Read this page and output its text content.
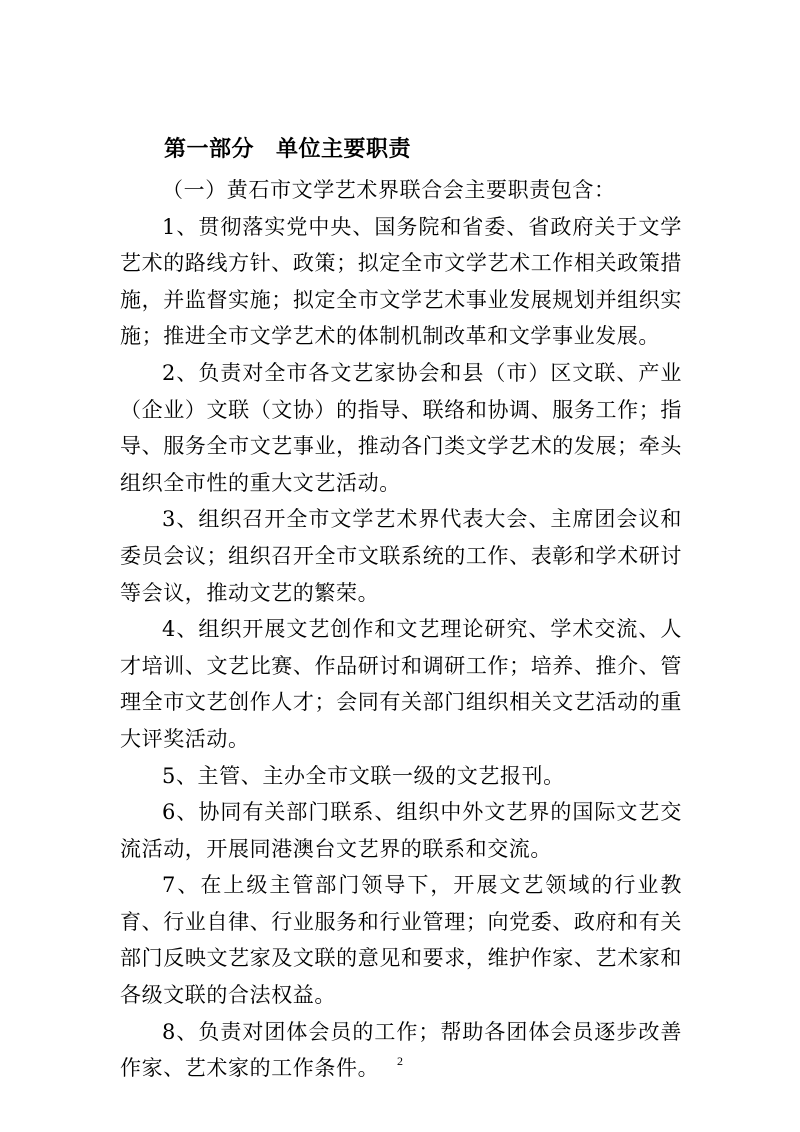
第一部分 单位主要职责

（一）黄石市文学艺术界联合会主要职责包含：

1、贯彻落实党中央、国务院和省委、省政府关于文学艺术的路线方针、政策；拟定全市文学艺术工作相关政策措施，并监督实施；拟定全市文学艺术事业发展规划并组织实施；推进全市文学艺术的体制机制改革和文学事业发展。

2、负责对全市各文艺家协会和县（市）区文联、产业（企业）文联（文协）的指导、联络和协调、服务工作；指导、服务全市文艺事业，推动各门类文学艺术的发展；牵头组织全市性的重大文艺活动。

3、组织召开全市文学艺术界代表大会、主席团会议和委员会议；组织召开全市文联系统的工作、表彰和学术研讨等会议，推动文艺的繁荣。

4、组织开展文艺创作和文艺理论研究、学术交流、人才培训、文艺比赛、作品研讨和调研工作；培养、推介、管理全市文艺创作人才；会同有关部门组织相关文艺活动的重大评奖活动。

5、主管、主办全市文联一级的文艺报刊。

6、协同有关部门联系、组织中外文艺界的国际文艺交流活动，开展同港澳台文艺界的联系和交流。

7、在上级主管部门领导下，开展文艺领域的行业教育、行业自律、行业服务和行业管理；向党委、政府和有关部门反映文艺家及文联的意见和要求，维护作家、艺术家和各级文联的合法权益。

8、负责对团体会员的工作；帮助各团体会员逐步改善作家、艺术家的工作条件。	2
